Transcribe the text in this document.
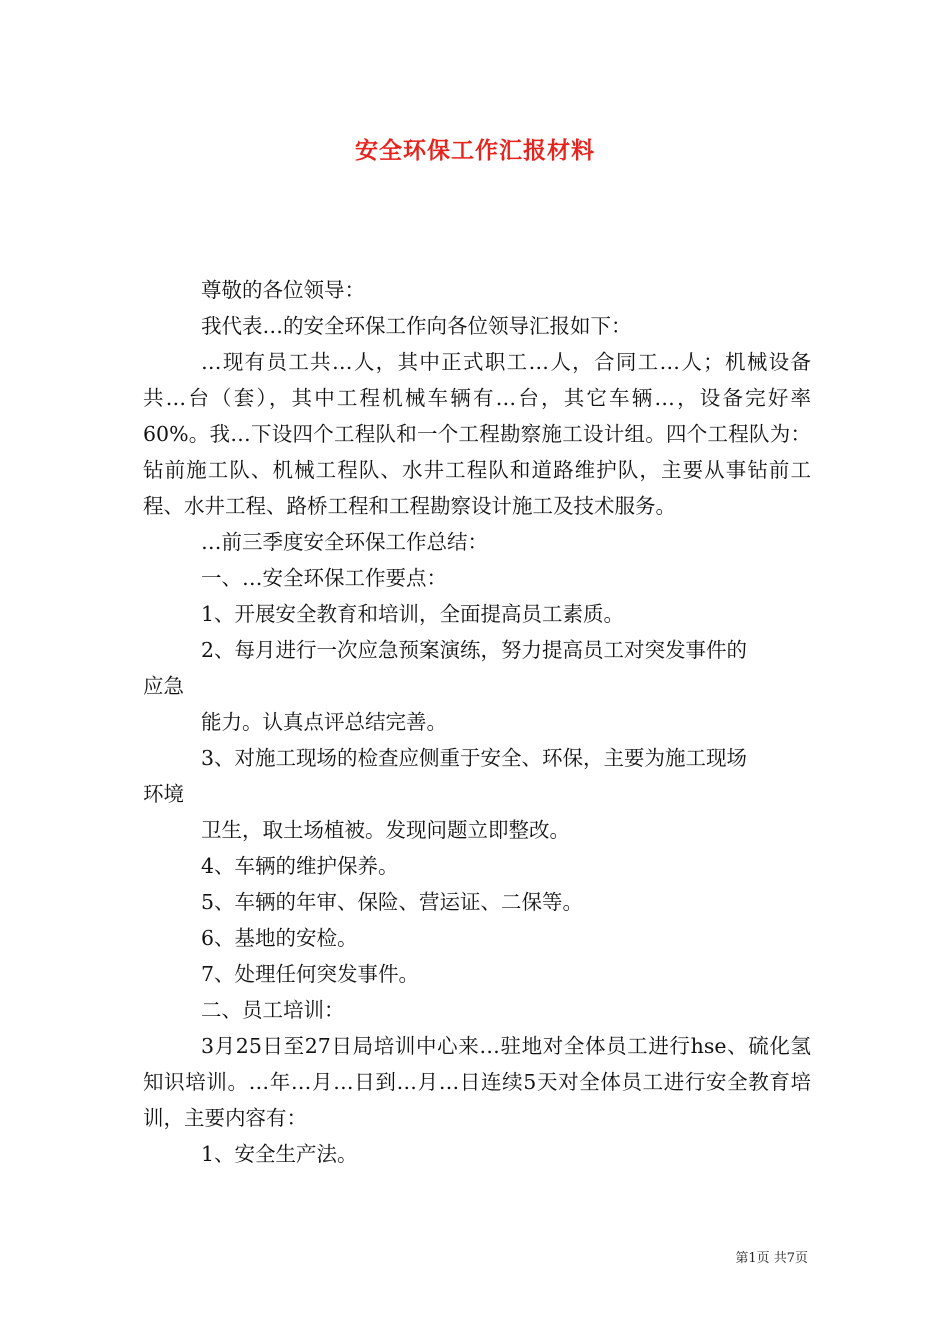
安全环保工作汇报材料

尊敬的各位领导：

我代表…的安全环保工作向各位领导汇报如下：

…现有员工共…人，其中正式职工…人，合同工…人；机械设备共…台（套），其中工程机械车辆有…台，其它车辆…，设备完好率60%。我…下设四个工程队和一个工程勘察施工设计组。四个工程队为：钻前施工队、机械工程队、水井工程队和道路维护队，主要从事钻前工程、水井工程、路桥工程和工程勘察设计施工及技术服务。

…前三季度安全环保工作总结：

一、…安全环保工作要点：

1、开展安全教育和培训，全面提高员工素质。

2、每月进行一次应急预案演练，努力提高员工对突发事件的

应急

能力。认真点评总结完善。

3、对施工现场的检查应侧重于安全、环保，主要为施工现场

环境

卫生，取土场植被。发现问题立即整改。

4、车辆的维护保养。

5、车辆的年审、保险、营运证、二保等。

6、基地的安检。

7、处理任何突发事件。

二、员工培训：

3月25日至27日局培训中心来…驻地对全体员工进行hse、硫化氢知识培训。…年…月…日到…月…日连续5天对全体员工进行安全教育培训，主要内容有：

1、安全生产法。

第1页 共7页
